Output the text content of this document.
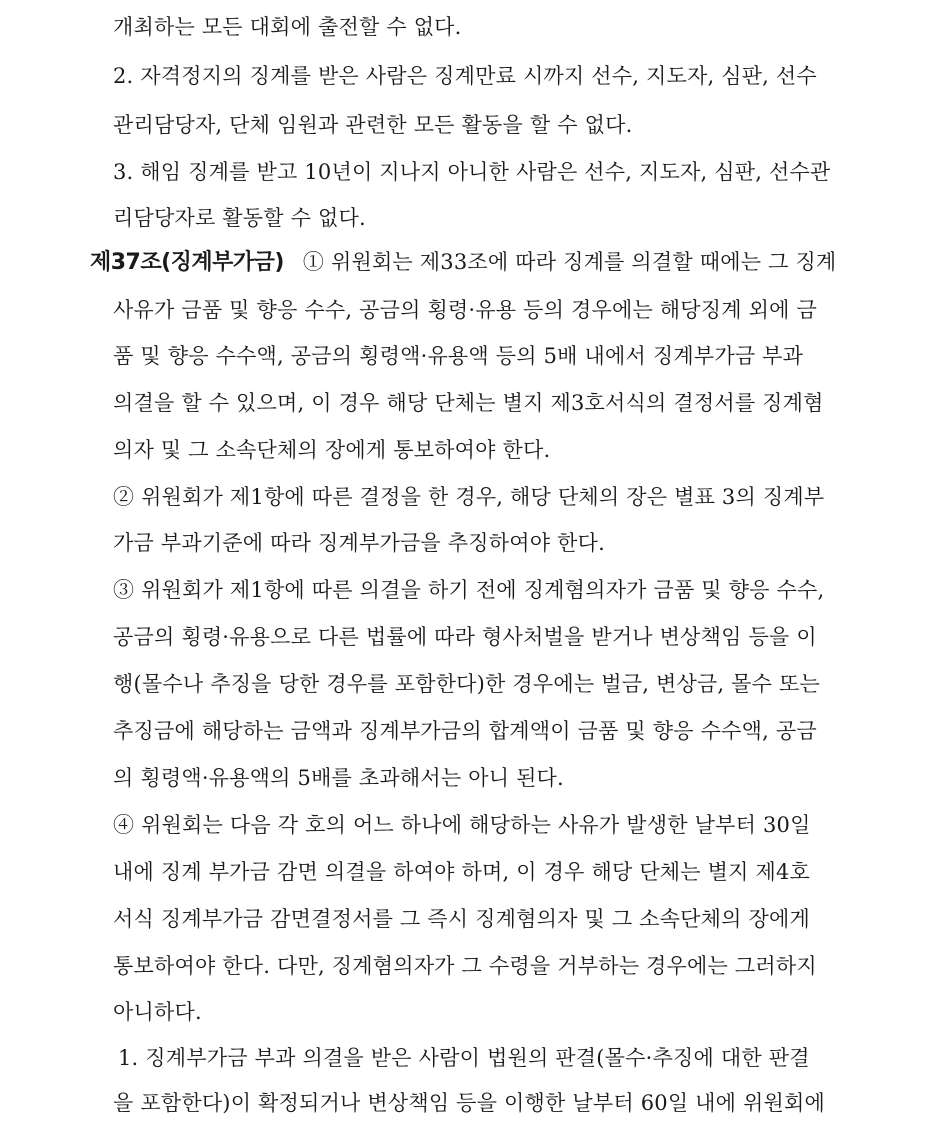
개최하는 모든 대회에 출전할 수 없다.
2. 자격정지의 징계를 받은 사람은 징계만료 시까지 선수, 지도자, 심판, 선수
관리담당자, 단체 임원과 관련한 모든 활동을 할 수 없다.
3. 해임 징계를 받고 10년이 지나지 아니한 사람은 선수, 지도자, 심판, 선수관
리담당자로 활동할 수 없다.
제37조(징계부가금) ① 위원회는 제33조에 따라 징계를 의결할 때에는 그 징계
사유가 금품 및 향응 수수, 공금의 횡령·유용 등의 경우에는 해당징계 외에 금
품 및 향응 수수액, 공금의 횡령액·유용액 등의 5배 내에서 징계부가금 부과
의결을 할 수 있으며, 이 경우 해당 단체는 별지 제3호서식의 결정서를 징계혐
의자 및 그 소속단체의 장에게 통보하여야 한다.
② 위원회가 제1항에 따른 결정을 한 경우, 해당 단체의 장은 별표 3의 징계부
가금 부과기준에 따라 징계부가금을 추징하여야 한다.
③ 위원회가 제1항에 따른 의결을 하기 전에 징계혐의자가 금품 및 향응 수수,
공금의 횡령·유용으로 다른 법률에 따라 형사처벌을 받거나 변상책임 등을 이
행(몰수나 추징을 당한 경우를 포함한다)한 경우에는 벌금, 변상금, 몰수 또는
추징금에 해당하는 금액과 징계부가금의 합계액이 금품 및 향응 수수액, 공금
의 횡령액·유용액의 5배를 초과해서는 아니 된다.
④ 위원회는 다음 각 호의 어느 하나에 해당하는 사유가 발생한 날부터 30일
내에 징계 부가금 감면 의결을 하여야 하며, 이 경우 해당 단체는 별지 제4호
서식 징계부가금 감면결정서를 그 즉시 징계혐의자 및 그 소속단체의 장에게
통보하여야 한다. 다만, 징계혐의자가 그 수령을 거부하는 경우에는 그러하지
아니하다.
1. 징계부가금 부과 의결을 받은 사람이 법원의 판결(몰수·추징에 대한 판결
을 포함한다)이 확정되거나 변상책임 등을 이행한 날부터 60일 내에 위원회에
